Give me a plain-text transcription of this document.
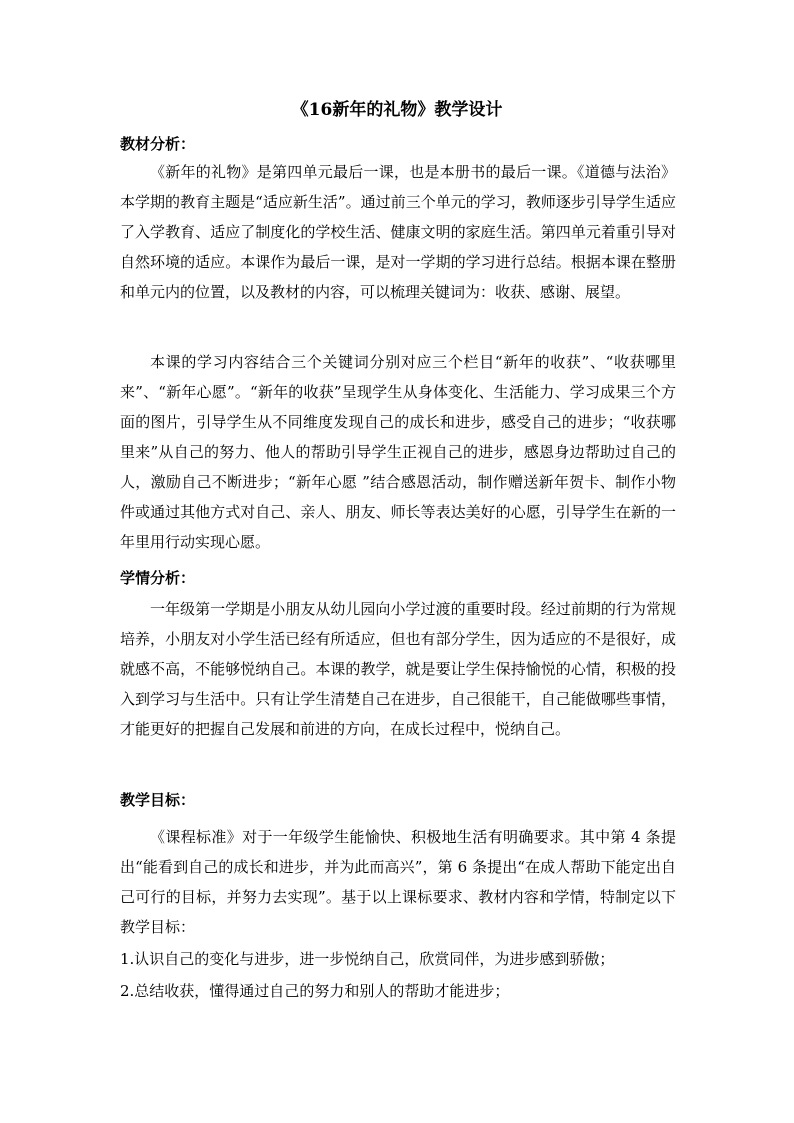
《16新年的礼物》教学设计
教材分析：
《新年的礼物》是第四单元最后一课，也是本册书的最后一课。《道德与法治》本学期的教育主题是“适应新生活”。通过前三个单元的学习，教师逐步引导学生适应了入学教育、适应了制度化的学校生活、健康文明的家庭生活。第四单元着重引导对自然环境的适应。本课作为最后一课，是对一学期的学习进行总结。根据本课在整册和单元内的位置，以及教材的内容，可以梳理关键词为：收获、感谢、展望。
本课的学习内容结合三个关键词分别对应三个栏目“新年的收获”、“收获哪里来”、“新年心愿”。“新年的收获”呈现学生从身体变化、生活能力、学习成果三个方面的图片，引导学生从不同维度发现自己的成长和进步，感受自己的进步；“收获哪里来”从自己的努力、他人的帮助引导学生正视自己的进步，感恩身边帮助过自己的人，激励自己不断进步；“新年心愿 ”结合感恩活动，制作赠送新年贺卡、制作小物件或通过其他方式对自己、亲人、朋友、师长等表达美好的心愿，引导学生在新的一年里用行动实现心愿。
学情分析：
一年级第一学期是小朋友从幼儿园向小学过渡的重要时段。经过前期的行为常规培养，小朋友对小学生活已经有所适应，但也有部分学生，因为适应的不是很好，成就感不高，不能够悦纳自己。本课的教学，就是要让学生保持愉悦的心情，积极的投入到学习与生活中。只有让学生清楚自己在进步，自己很能干，自己能做哪些事情，才能更好的把握自己发展和前进的方向，在成长过程中，悦纳自己。
教学目标：
《课程标准》对于一年级学生能愉快、积极地生活有明确要求。其中第 4 条提出“能看到自己的成长和进步，并为此而高兴”，第 6 条提出“在成人帮助下能定出自己可行的目标，并努力去实现”。基于以上课标要求、教材内容和学情，特制定以下教学目标：
1.认识自己的变化与进步，进一步悦纳自己，欣赏同伴，为进步感到骄傲；
2.总结收获，懂得通过自己的努力和别人的帮助才能进步；
